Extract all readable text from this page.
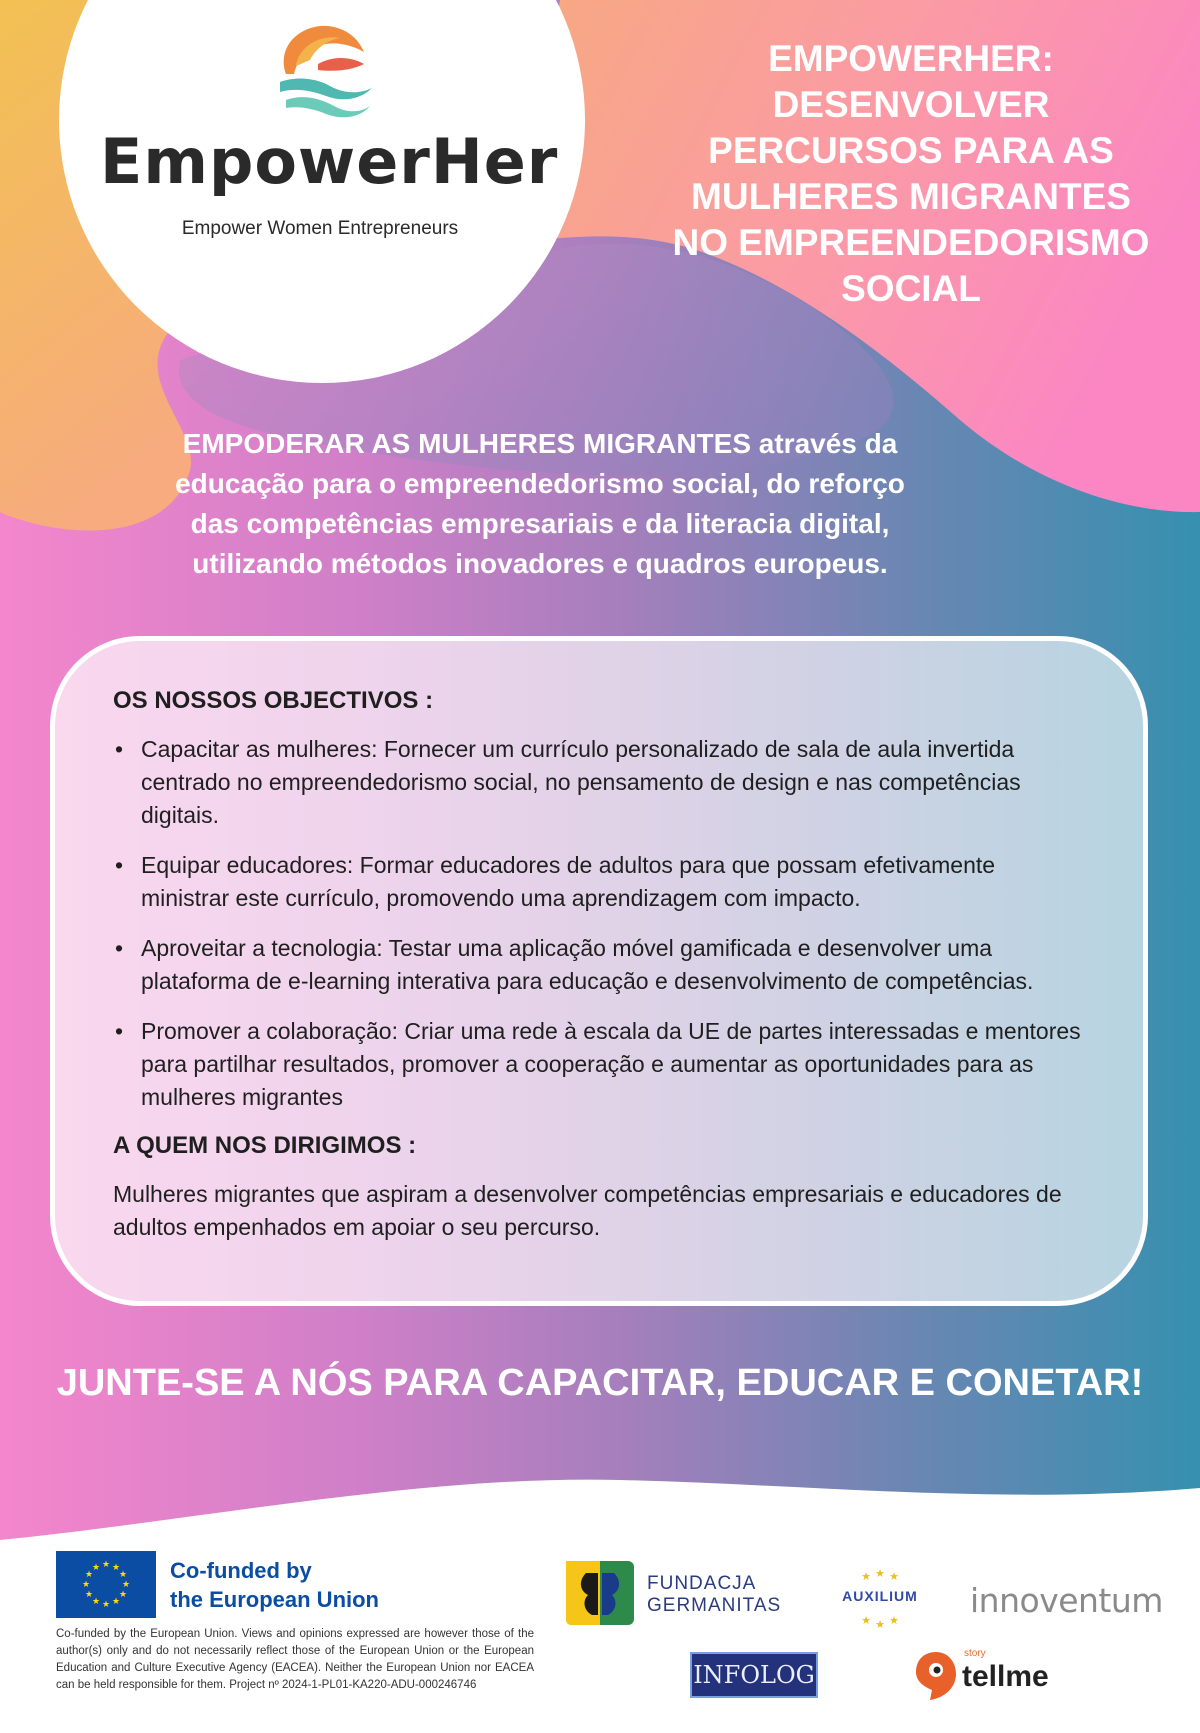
EmpowerHer
Empower Women Entrepreneurs
EMPOWERHER: DESENVOLVER PERCURSOS PARA AS MULHERES MIGRANTES NO EMPREENDEDORISMO SOCIAL
EMPODERAR AS MULHERES MIGRANTES através da educação para o empreendedorismo social, do reforço das competências empresariais e da literacia digital, utilizando métodos inovadores e quadros europeus.
OS NOSSOS OBJECTIVOS :
• Capacitar as mulheres: Fornecer um currículo personalizado de sala de aula invertida centrado no empreendedorismo social, no pensamento de design e nas competências digitais.
• Equipar educadores: Formar educadores de adultos para que possam efetivamente ministrar este currículo, promovendo uma aprendizagem com impacto.
• Aproveitar a tecnologia: Testar uma aplicação móvel gamificada e desenvolver uma plataforma de e-learning interativa para educação e desenvolvimento de competências.
• Promover a colaboração: Criar uma rede à escala da UE de partes interessadas e mentores para partilhar resultados, promover a cooperação e aumentar as oportunidades para as mulheres migrantes
A QUEM NOS DIRIGIMOS :

Mulheres migrantes que aspiram a desenvolver competências empresariais e educadores de adultos empenhados em apoiar o seu percurso.

JUNTE-SE A NÓS PARA CAPACITAR, EDUCAR E CONETAR!
★ ★
★
★
★
★
★
★
★
★
★
★	Co-funded by
the European Union
Co-funded by the European Union. Views and opinions expressed are however those of the author(s) only and do not necessarily reflect those of the European Union or the European Education and Culture Executive Agency (EACEA). Neither the European Union nor EACEA can be held responsible for them. Project nº 2024-1-PL01-KA220-ADU-000246746
FUNDACJA
GERMANITAS
★ ★
★
★ ★
★
AUXILIUM	innoventum
INFOLOG
story
tellme
